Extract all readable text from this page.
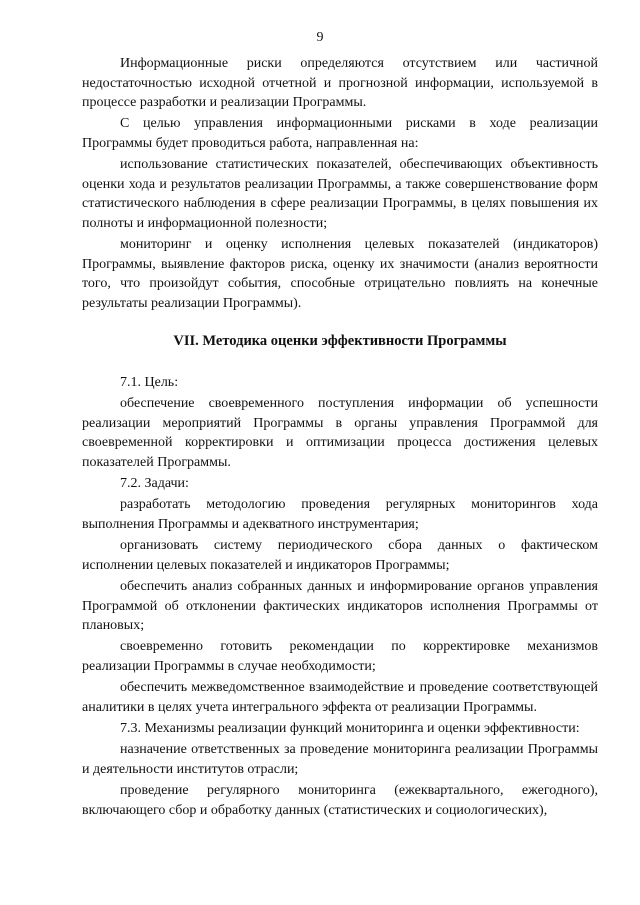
9

Информационные риски определяются отсутствием или частичной недостаточностью исходной отчетной и прогнозной информации, используемой в процессе разработки и реализации Программы.

С целью управления информационными рисками в ходе реализации Программы будет проводиться работа, направленная на:

использование статистических показателей, обеспечивающих объективность оценки хода и результатов реализации Программы, а также совершенствование форм статистического наблюдения в сфере реализации Программы, в целях повышения их полноты и информационной полезности;

мониторинг и оценку исполнения целевых показателей (индикаторов) Программы, выявление факторов риска, оценку их значимости (анализ вероятности того, что произойдут события, способные отрицательно повлиять на конечные результаты реализации Программы).

VII. Методика оценки эффективности Программы

7.1. Цель:

обеспечение своевременного поступления информации об успешности реализации мероприятий Программы в органы управления Программой для своевременной корректировки и оптимизации процесса достижения целевых показателей Программы.

7.2. Задачи:

разработать методологию проведения регулярных мониторингов хода выполнения Программы и адекватного инструментария;

организовать систему периодического сбора данных о фактическом исполнении целевых показателей и индикаторов Программы;

обеспечить анализ собранных данных и информирование органов управления Программой об отклонении фактических индикаторов исполнения Программы от плановых;

своевременно готовить рекомендации по корректировке механизмов реализации Программы в случае необходимости;

обеспечить межведомственное взаимодействие и проведение соответствующей аналитики в целях учета интегрального эффекта от реализации Программы.

7.3. Механизмы реализации функций мониторинга и оценки эффективности:

назначение ответственных за проведение мониторинга реализации Программы и деятельности институтов отрасли;

проведение регулярного мониторинга (ежеквартального, ежегодного), включающего сбор и обработку данных (статистических и социологических),
